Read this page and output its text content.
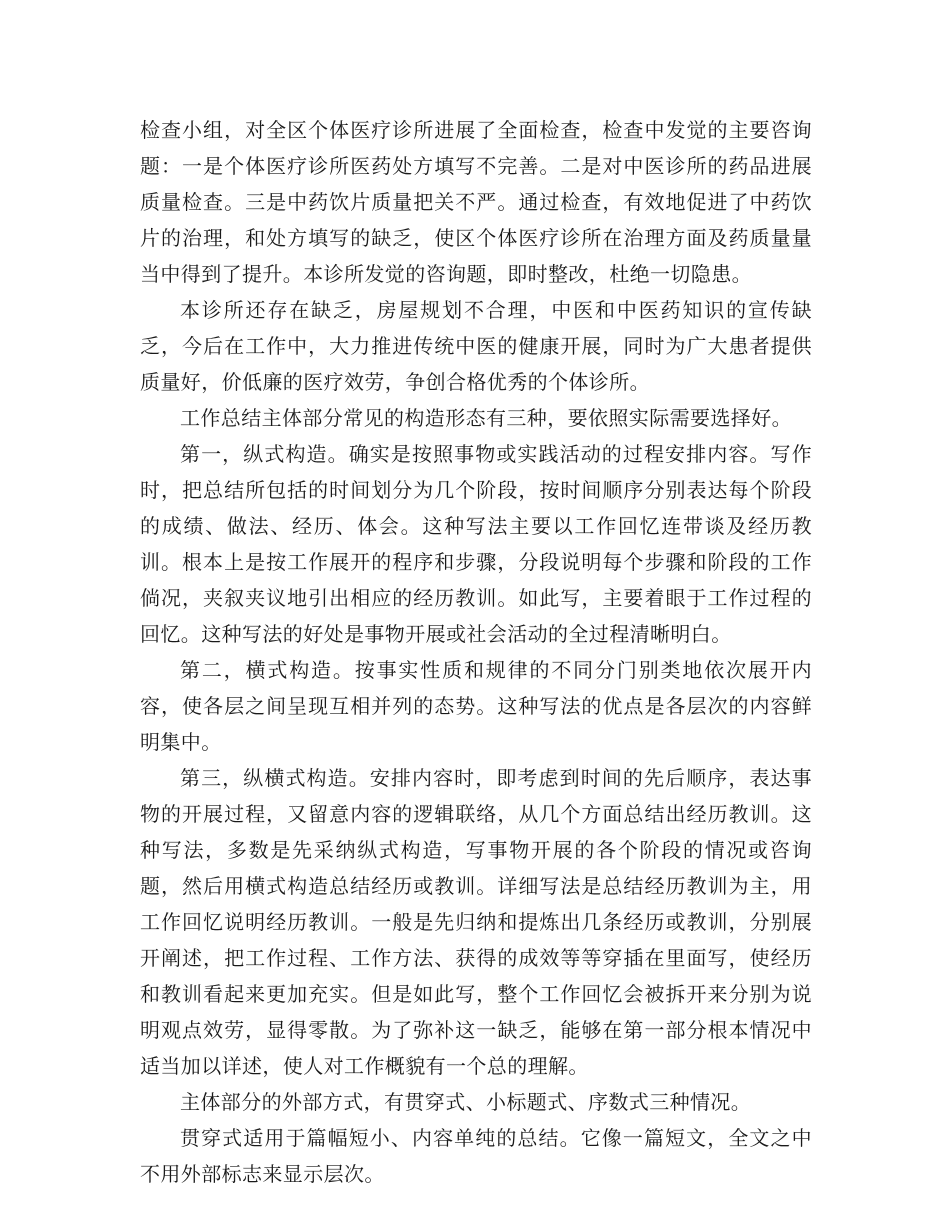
检查小组，对全区个体医疗诊所进展了全面检查，检查中发觉的主要咨询题：一是个体医疗诊所医药处方填写不完善。二是对中医诊所的药品进展质量检查。三是中药饮片质量把关不严。通过检查，有效地促进了中药饮片的治理，和处方填写的缺乏，使区个体医疗诊所在治理方面及药质量量当中得到了提升。本诊所发觉的咨询题，即时整改，杜绝一切隐患。

本诊所还存在缺乏，房屋规划不合理，中医和中医药知识的宣传缺乏，今后在工作中，大力推进传统中医的健康开展，同时为广大患者提供质量好，价低廉的医疗效劳，争创合格优秀的个体诊所。

工作总结主体部分常见的构造形态有三种，要依照实际需要选择好。

第一，纵式构造。确实是按照事物或实践活动的过程安排内容。写作时，把总结所包括的时间划分为几个阶段，按时间顺序分别表达每个阶段的成绩、做法、经历、体会。这种写法主要以工作回忆连带谈及经历教训。根本上是按工作展开的程序和步骤，分段说明每个步骤和阶段的工作倘况，夹叙夹议地引出相应的经历教训。如此写，主要着眼于工作过程的回忆。这种写法的好处是事物开展或社会活动的全过程清晰明白。

第二，横式构造。按事实性质和规律的不同分门别类地依次展开内容，使各层之间呈现互相并列的态势。这种写法的优点是各层次的内容鲜明集中。

第三，纵横式构造。安排内容时，即考虑到时间的先后顺序，表达事物的开展过程，又留意内容的逻辑联络，从几个方面总结出经历教训。这种写法，多数是先采纳纵式构造，写事物开展的各个阶段的情况或咨询题，然后用横式构造总结经历或教训。详细写法是总结经历教训为主，用工作回忆说明经历教训。一般是先归纳和提炼出几条经历或教训，分别展开阐述，把工作过程、工作方法、获得的成效等等穿插在里面写，使经历和教训看起来更加充实。但是如此写，整个工作回忆会被拆开来分别为说明观点效劳，显得零散。为了弥补这一缺乏，能够在第一部分根本情况中适当加以详述，使人对工作概貌有一个总的理解。

主体部分的外部方式，有贯穿式、小标题式、序数式三种情况。

贯穿式适用于篇幅短小、内容单纯的总结。它像一篇短文，全文之中不用外部标志来显示层次。
